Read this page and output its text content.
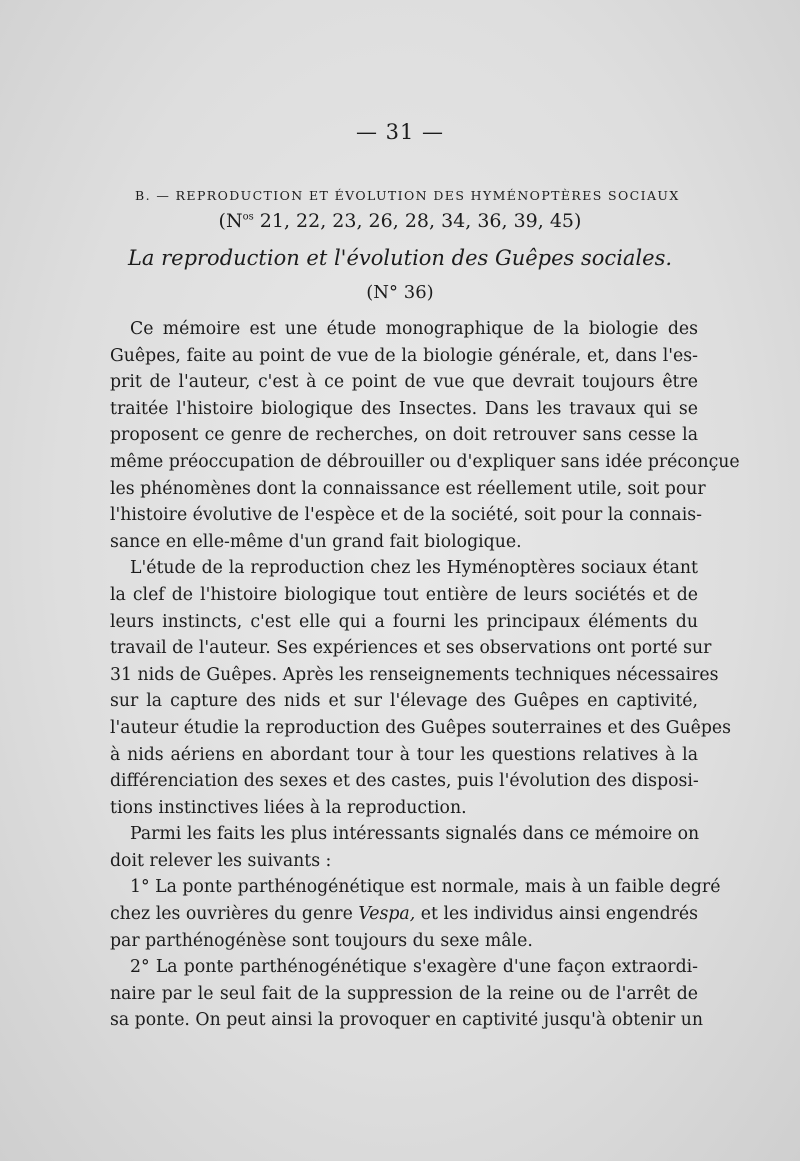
— 31 —
B. — REPRODUCTION ET ÉVOLUTION DES HYMÉNOPTÈRES SOCIAUX
($N^{os}$ 21, 22, 23, 26, 28, 34, 36, 39, 45)
La reproduction et l'évolution des Guêpes sociales.
(N° 36)
Ce mémoire est une étude monographique de la biologie des
Guêpes, faite au point de vue de la biologie générale, et, dans l'es-
prit de l'auteur, c'est à ce point de vue que devrait toujours être
traitée l'histoire biologique des Insectes. Dans les travaux qui se
proposent ce genre de recherches, on doit retrouver sans cesse la
même préoccupation de débrouiller ou d'expliquer sans idée préconçue
les phénomènes dont la connaissance est réellement utile, soit pour
l'histoire évolutive de l'espèce et de la société, soit pour la connais-
sance en elle-même d'un grand fait biologique.
L'étude de la reproduction chez les Hyménoptères sociaux étant
la clef de l'histoire biologique tout entière de leurs sociétés et de
leurs instincts, c'est elle qui a fourni les principaux éléments du
travail de l'auteur. Ses expériences et ses observations ont porté sur
31 nids de Guêpes. Après les renseignements techniques nécessaires
sur la capture des nids et sur l'élevage des Guêpes en captivité,
l'auteur étudie la reproduction des Guêpes souterraines et des Guêpes
à nids aériens en abordant tour à tour les questions relatives à la
différenciation des sexes et des castes, puis l'évolution des disposi-
tions instinctives liées à la reproduction.
Parmi les faits les plus intéressants signalés dans ce mémoire on
doit relever les suivants :
1° La ponte parthénogénétique est normale, mais à un faible degré
chez les ouvrières du genre Vespa, et les individus ainsi engendrés
par parthénogénèse sont toujours du sexe mâle.
2° La ponte parthénogénétique s'exagère d'une façon extraordi-
naire par le seul fait de la suppression de la reine ou de l'arrêt de
sa ponte. On peut ainsi la provoquer en captivité jusqu'à obtenir un
